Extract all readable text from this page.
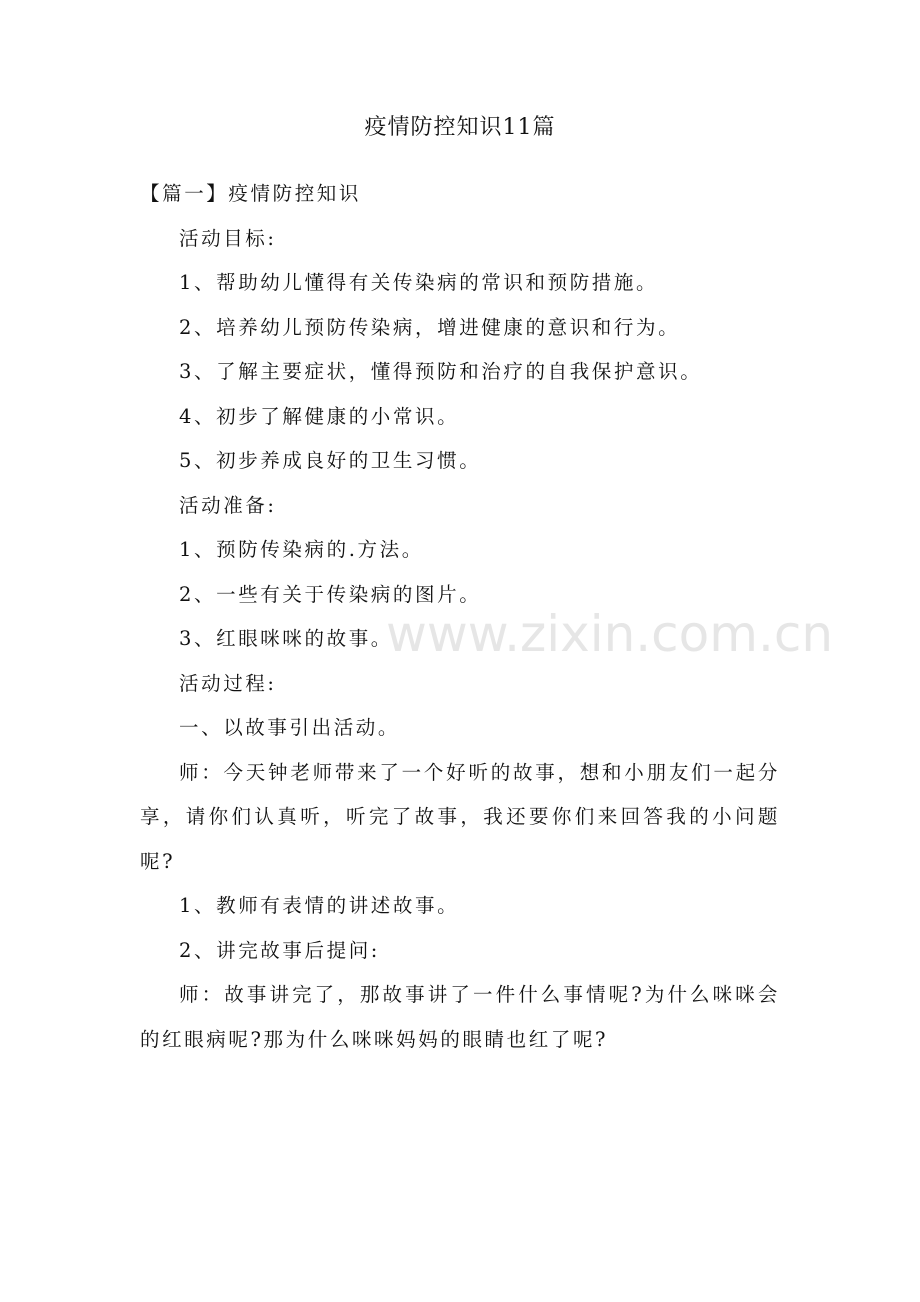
疫情防控知识11篇

【篇一】疫情防控知识

活动目标:

1、帮助幼儿懂得有关传染病的常识和预防措施。

2、培养幼儿预防传染病，增进健康的意识和行为。

3、了解主要症状，懂得预防和治疗的自我保护意识。

4、初步了解健康的小常识。

5、初步养成良好的卫生习惯。

活动准备:

1、预防传染病的.方法。

2、一些有关于传染病的图片。

3、红眼咪咪的故事。

活动过程:

一、以故事引出活动。

师：今天钟老师带来了一个好听的故事，想和小朋友们一起分享，请你们认真听，听完了故事，我还要你们来回答我的小问题呢?

1、教师有表情的讲述故事。

2、讲完故事后提问:

师：故事讲完了，那故事讲了一件什么事情呢?为什么咪咪会的红眼病呢?那为什么咪咪妈妈的眼睛也红了呢?

www.zixin.com.cn
